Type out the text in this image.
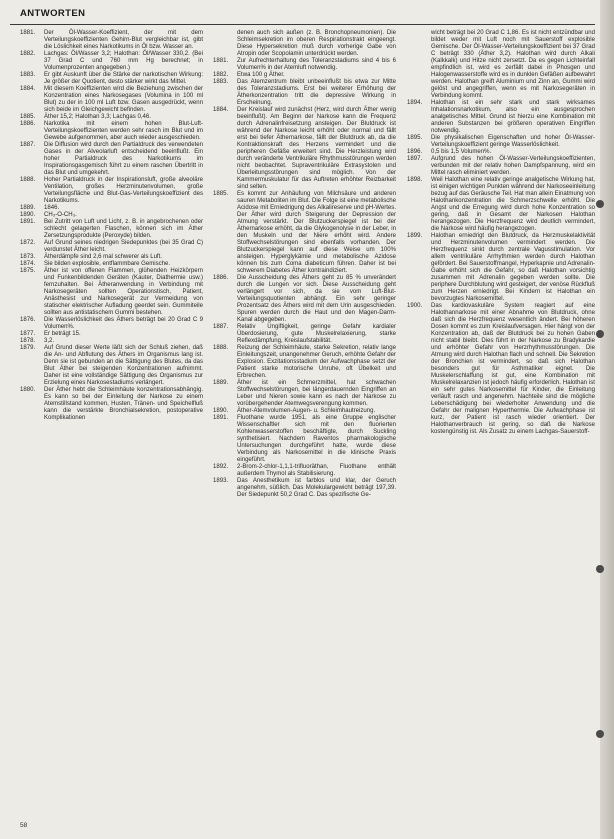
ANTWORTEN
1881.	Der Öl-Wasser-Koeffizient, der mit dem Verteilungskoeffizienten Gehirn-Blut vergleichbar ist, gibt die Löslichkeit eines Narkotikums in Öl bzw. Wasser an.
1882.	Lachgas: Öl/Wasser 3,2; Halothan: Öl/Wasser 330,2. (Bei 37 Grad C und 760 mm Hg berechnet; in Volumenprozenten angegeben.)
1883.	Er gibt Auskunft über die Stärke der narkotischen Wirkung: Je größer der Quotient, desto stärker wirkt das Mittel.
1884.	Mit diesem Koeffizienten wird die Beziehung zwischen der Konzentration eines Narkosegases (Volumina in 100 ml Blut) zu der in 100 ml Luft bzw. Gasen ausgedrückt, wenn sich beide im Gleichgewicht befinden.
1885.	Äther 15,2; Halothan 3,3; Lachgas 0,46.
1886.	Narkotika mit einem hohen Blut-Luft-Verteilungskoeffizienten werden sehr rasch im Blut und im Gewebe aufgenommen, aber auch wieder ausgeschieden.
1887.	Die Diffusion wird durch den Partialdruck des verwendeten Gases in der Alveolarluft entscheidend beeinflußt. Ein hoher Partialdruck des Narkotikums im Inspirationsgasgemisch führt zu einem raschen Übertritt in das Blut und umgekehrt.
1888.	Hoher Partialdruck in der Inspirationsluft, große alveoläre Ventilation, großes Herzminutenvolumen, große Verteilungsfläche und Blut-Gas-Verteilungskoeffizient des Narkotikums.
1889.	1846.
1890.	CH₃-O-CH₃.
1891.	Bei Zutritt von Luft und Licht, z. B. in angebrochenen oder schlecht gelagerten Flaschen, können sich im Äther Zersetzungsprodukte (Peroxyde) bilden.
1872.	Auf Grund seines niedrigen Siedepunktes (bei 35 Grad C) verdunstet Äther leicht.
1873.	Ätherdämpfe sind 2,6 mal schwerer als Luft.
1874.	Sie bilden explosible, entflammbare Gemische.
1875.	Äther ist von offenen Flammen, glühenden Heizkörpern und Funkenbildenden Geräten (Kauter, Diathermie usw.) fernzuhalten. Bei Ätheranwendung in Verbindung mit Narkosegeräten sollten Operationstisch, Patient, Anästhesist und Narkosegerät zur Vermeidung von statischer elektrischer Aufladung geerdet sein. Gummiteile sollten aus antistatischem Gummi bestehen.
1876.	Die Wasserlöslichkeit des Äthers beträgt bei 20 Grad C 9 Volumen%.
1877.	Er beträgt 15.
1878.	3,2.
1879.	Auf Grund dieser Werte läßt sich der Schluß ziehen, daß die An- und Abflutung des Äthers im Organismus lang ist. Denn sie ist gebunden an die Sättigung des Blutes, da das Blut Äther bei steigenden Konzentrationen aufnimmt. Daher ist eine vollständige Sättigung des Organismus zur Erzielung eines Narkosestadiums verlängert.
1880.	Der Äther hebt die Schleimhäute konzentrationsabhängig. Es kann so bei der Einleitung der Narkose zu einem Atemstillstand kommen, Husten, Tränen- und Speichelfluß kann die verstärkte Bronchialsekretion, postoperative Komplikationen
denen auch sich außen (z. B. Bronchopneumonien). Die Schleimsekretion im oberen Respirationstrakt eingeengt. Diese Hypersekretion muß durch vorherige Gabe von Atropin oder Scopolamin unterdrückt werden.
1881.	Zur Aufrechterhaltung des Toleranzstadiums sind 4 bis 6 Volumen% in der Atemluft notwendig.
1882.	Etwa 100 g Äther.
1883.	Das Atemzentrum bleibt unbeeinflußt bis etwa zur Mitte des Toleranzstadiums. Erst bei weiterer Erhöhung der Ätherkonzentration tritt die depressive Wirkung in Erscheinung.
1884.	Der Kreislauf wird zunächst (Herz, wird durch Äther wenig beeinflußt). Am Beginn der Narkose kann die Frequenz durch Adrenalinfreisetzung ansteigen. Der Blutdruck ist während der Narkose leicht erhöht oder normal und fällt erst bei tiefer Äthernarkose, fällt der Blutdruck ab, da die Kontraktionskraft des Herzens vermindert und die peripheren Gefäße erweitert sind. Die Herzleistung wird durch veränderte Ventrikuläre Rhythmusstörungen werden nicht beobachtet. Supraventrikuläre Extrasystolen und Überleitungsstörungen sind möglich. Von der Kammermuskulatur für das Auftreten erhöhter Reizbarkeit sind selten.
1885.	Es kommt zur Anhäufung von Milchsäure und anderen sauren Metaboliten im Blut. Die Folge ist eine metabolische Acidose mit Erniedrigung des Alkalireserve und pH-Wertes. Der Äther wird durch Steigerung der Depression der Atmung verstärkt. Der Blutzuckerspiegel ist bei der Äthernarkose erhöht, da die Glykogenolyse in der Leber, in den Muskeln und der Niere erhöht wird. Andere Stoffwechselstörungen sind ebenfalls vorhanden. Der Blutzuckerspiegel kann auf diese Weise um 100% ansteigen. Hyperglykämie und metabolische Azidose können bis zum Coma diabeticum führen. Daher ist bei schwerem Diabetes Äther kontraindiziert.
1886.	Die Ausscheidung des Äthers geht zu 85 % unverändert durch die Lungen vor sich. Diese Ausscheidung geht verlängert vor sich, da sie vom Luft-Blut-Verteilungsquotienten abhängt. Ein sehr geringer Prozentsatz des Äthers wird mit dem Urin ausgeschieden. Spuren werden durch die Haut und den Magen-Darm-Kanal abgegeben.
1887.	Relativ Ungiftigkeit, geringe Gefahr kardialer Überdosierung, gute Muskelrelaxierung, starke Reflexdämpfung, Kreislaufstabilität.
1888.	Reizung der Schleimhäute, starke Sekretion, relativ lange Einleitungszeit, unangenehmer Geruch, erhöhte Gefahr der Explosion. Exzitationsstadium der Aufwachphase setzt der Patient starke motorische Unruhe, oft Übelkeit und Erbrechen.
1889.	Äther ist ein Schmerzmittel, hat schwachen Stoffwechselstörungen, bei längerdauernden Eingriffen an Leber und Nieren sowie kann es nach der Narkose zu vorübergehender Atemwegsverengung kommen.
1890.	Äther-Atemvolumen-Augen- u. Schleimhautreizung.
1891.	Fluothane wurde 1951, als eine Gruppe englischer Wissenschaftler sich mit den fluorierten Kohlenwasserstoffen beschäftigte, durch Suckling synthetisiert. Nachdem Raventos pharmakologische Untersuchungen durchgeführt hatte, wurde diese Verbindung als Narkosemittel in die klinische Praxis eingeführt.
1892.	2-Brom-2-chlor-1,1,1-trifluoräthan, Fluothane enthält außerdem Thymol als Stabilisierung.
1893.	Das Anesthetikum ist farblos und klar, der Geruch angenehm, süßlich. Das Molekulargewicht beträgt 197,39. Der Siedepunkt 50,2 Grad C. Das spezifische Ge-
wicht beträgt bei 20 Grad C 1,86. Es ist nicht entzündbar und bildet weder mit Luft noch mit Sauerstoff explosible Gemische. Der Öl-Wasser-Verteilungskoeffizient bei 37 Grad C beträgt 330 (Äther 3,2). Halothan wird durch Alkali (Kalkkalk) und Hitze nicht zersetzt. Da es gegen Lichteinfall empfindlich ist, wird es zerfällt dabei in Phosgen und Halogenwasserstoffe wird es in dunklen Gefäßen aufbewahrt werden. Halothan greift Aluminium und Zinn an, Gummi wird gelöst und angegriffen, wenn es mit Narkosegeräten in Verbindung kommt.
1894.	Halothan ist ein sehr stark und stark wirksames Inhalationsnarkotikum, also ein ausgesprochen analgetisches Mittel. Grund ist hierzu eine Kombination mit anderen Substanzen bei größeren operativen Eingriffen notwendig.
1895.	Die physikalischen Eigenschaften und hoher Öl-Wasser-Verteilungskoeffizient geringe Wasserlöslichkeit.
1896.	0,5 bis 1,5 Volumen%.
1897.	Aufgrund des hohen Öl-Wasser-Verteilungskoeffizienten, verbunden mit der relativ hohen Dampfspannung, wird ein Mittel rasch eliminiert werden.
1898.	Weil Halothan eine relativ geringe analgetische Wirkung hat, ist einigen wichtigen Punkten während der Narkoseeinleitung bezug auf das Geräusche Teil. Hat man allein Einatmung von Halothankonzentration die Schmerzschwelle erhöht. Die Angst und die Erregung wird durch hohe Konzentration so gering, daß in Gesamt der Narkosen Halothan herangezogen. Die Herzfrequenz wird deutlich vermindert, die Narkose wird häufig herangezogen.
1899.	Halothan erniedrigt den Blutdruck, da Herzmuskelaktivität und Herzminutenvolumen vermindert werden. Die Herzfrequenz sinkt durch zentrale Vagusstimulation. Vor allem ventrikuläre Arrhythmien werden durch Halothan gefördert. Bei Sauerstoffmangel, Hyperkapnie und Adrenalin-Gabe erhöht sich die Gefahr, so daß Halothan vorsichtig zusammen mit Adrenalin gegeben werden sollte. Die periphere Durchblutung wird gesteigert, der venöse Rückfluß zum Herzen erniedrigt. Bei Kindern ist Halothan ein bevorzugtes Narkosemittel.
1900.	Das kardiovaskuläre System reagiert auf eine Halothannarkose mit einer Abnahme von Blutdruck, ohne daß sich die Herzfrequenz wesentlich ändert. Bei höheren Dosen kommt es zum Kreislaufversagen. Hier hängt von der Konzentration ab, daß der Blutdruck bei zu hohen Gaben nicht stabil bleibt. Dies führt in der Narkose zu Bradykardie und erhöhter Gefahr von Herzrhythmusstörungen. Die Atmung wird durch Halothan flach und schnell. Die Sekretion der Bronchien ist vermindert, so daß sich Halothan besonders gut für Asthmatiker eignet. Die Muskelerschlaffung ist gut, eine Kombination mit Muskelrelaxanzien ist jedoch häufig erforderlich. Halothan ist ein sehr gutes Narkosemittel für Kinder, die Einleitung verläuft rasch und angenehm. Nachteile sind die mögliche Leberschädigung bei wiederholter Anwendung und die Gefahr der malignen Hyperthermie. Die Aufwachphase ist kurz, der Patient ist rasch wieder orientiert. Der Halothanverbrauch ist gering, so daß die Narkose kostengünstig ist. Als Zusatz zu einem Lachgas-Sauerstoff-
58
